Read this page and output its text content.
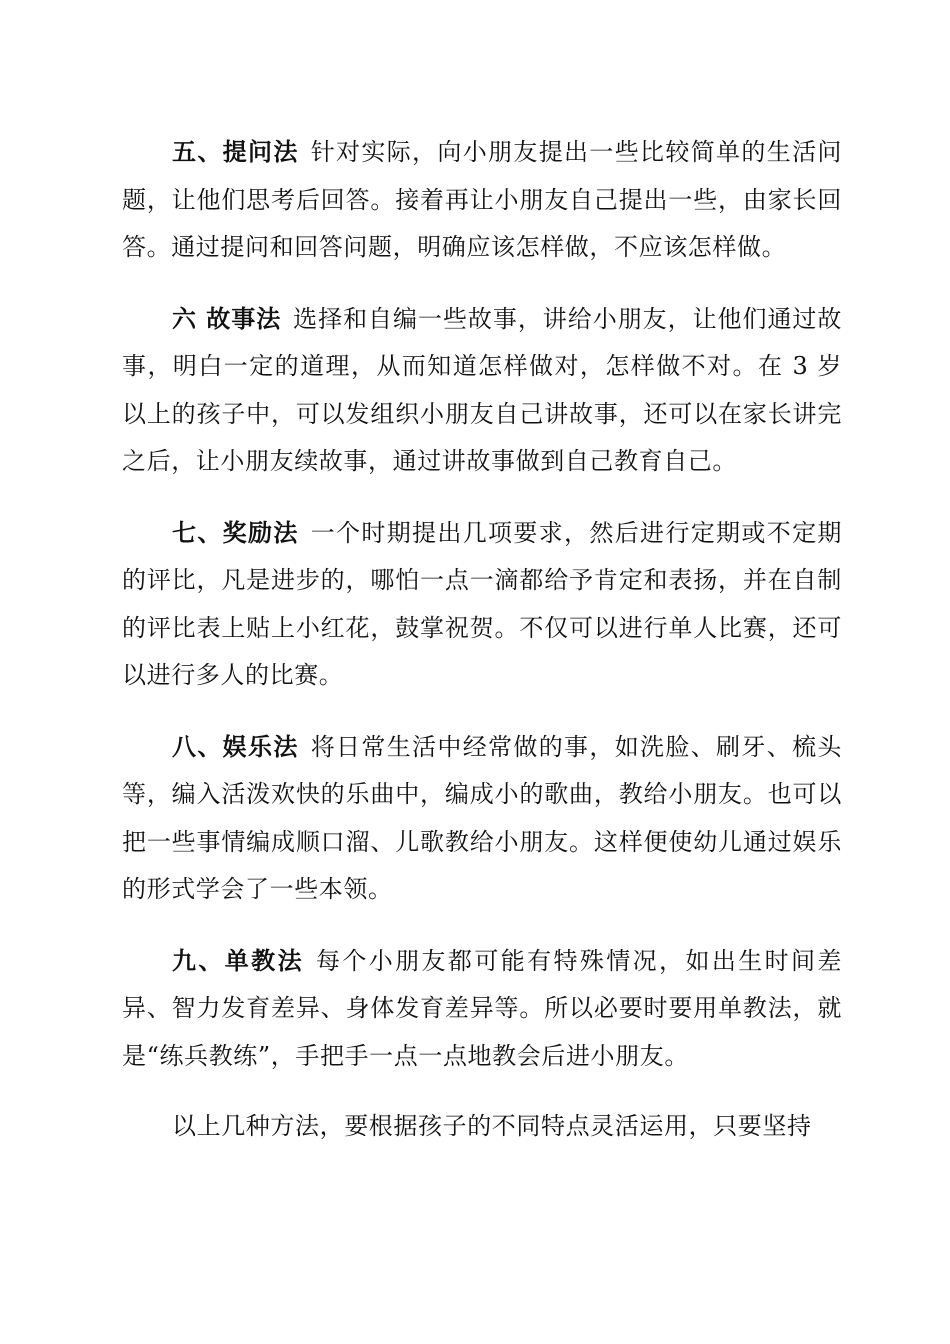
五、提问法 针对实际，向小朋友提出一些比较简单的生活问题，让他们思考后回答。接着再让小朋友自己提出一些，由家长回答。通过提问和回答问题，明确应该怎样做，不应该怎样做。

六 故事法 选择和自编一些故事，讲给小朋友，让他们通过故事，明白一定的道理，从而知道怎样做对，怎样做不对。在 3 岁以上的孩子中，可以发组织小朋友自己讲故事，还可以在家长讲完之后，让小朋友续故事，通过讲故事做到自己教育自己。

七、奖励法 一个时期提出几项要求，然后进行定期或不定期的评比，凡是进步的，哪怕一点一滴都给予肯定和表扬，并在自制的评比表上贴上小红花，鼓掌祝贺。不仅可以进行单人比赛，还可以进行多人的比赛。

八、娱乐法 将日常生活中经常做的事，如洗脸、刷牙、梳头等，编入活泼欢快的乐曲中，编成小的歌曲，教给小朋友。也可以把一些事情编成顺口溜、儿歌教给小朋友。这样便使幼儿通过娱乐的形式学会了一些本领。

九、单教法 每个小朋友都可能有特殊情况，如出生时间差异、智力发育差异、身体发育差异等。所以必要时要用单教法，就是“练兵教练”，手把手一点一点地教会后进小朋友。

以上几种方法，要根据孩子的不同特点灵活运用，只要坚持
